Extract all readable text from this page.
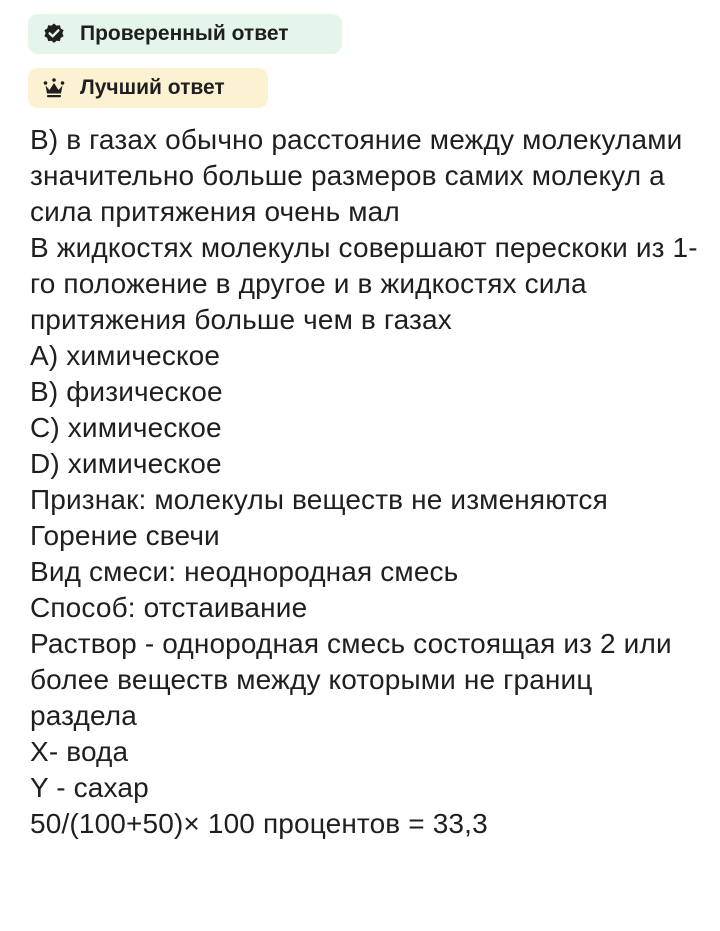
Проверенный ответ

Лучший ответ
В) в газах обычно расстояние между молекулами значительно больше размеров самих молекул а сила притяжения очень мал
В жидкостях молекулы совершают перескоки из 1-го положение в другое и в жидкостях сила притяжения больше чем в газах
А) химическое
В) физическое
С) химическое
D) химическое
Признак: молекулы веществ не изменяются
Горение свечи
Вид смеси: неоднородная смесь
Способ: отстаивание
Раствор - однородная смесь состоящая из 2 или более веществ между которыми не границ раздела
X- вода
Y - сахар
50/(100+50)× 100 процентов = 33,3
